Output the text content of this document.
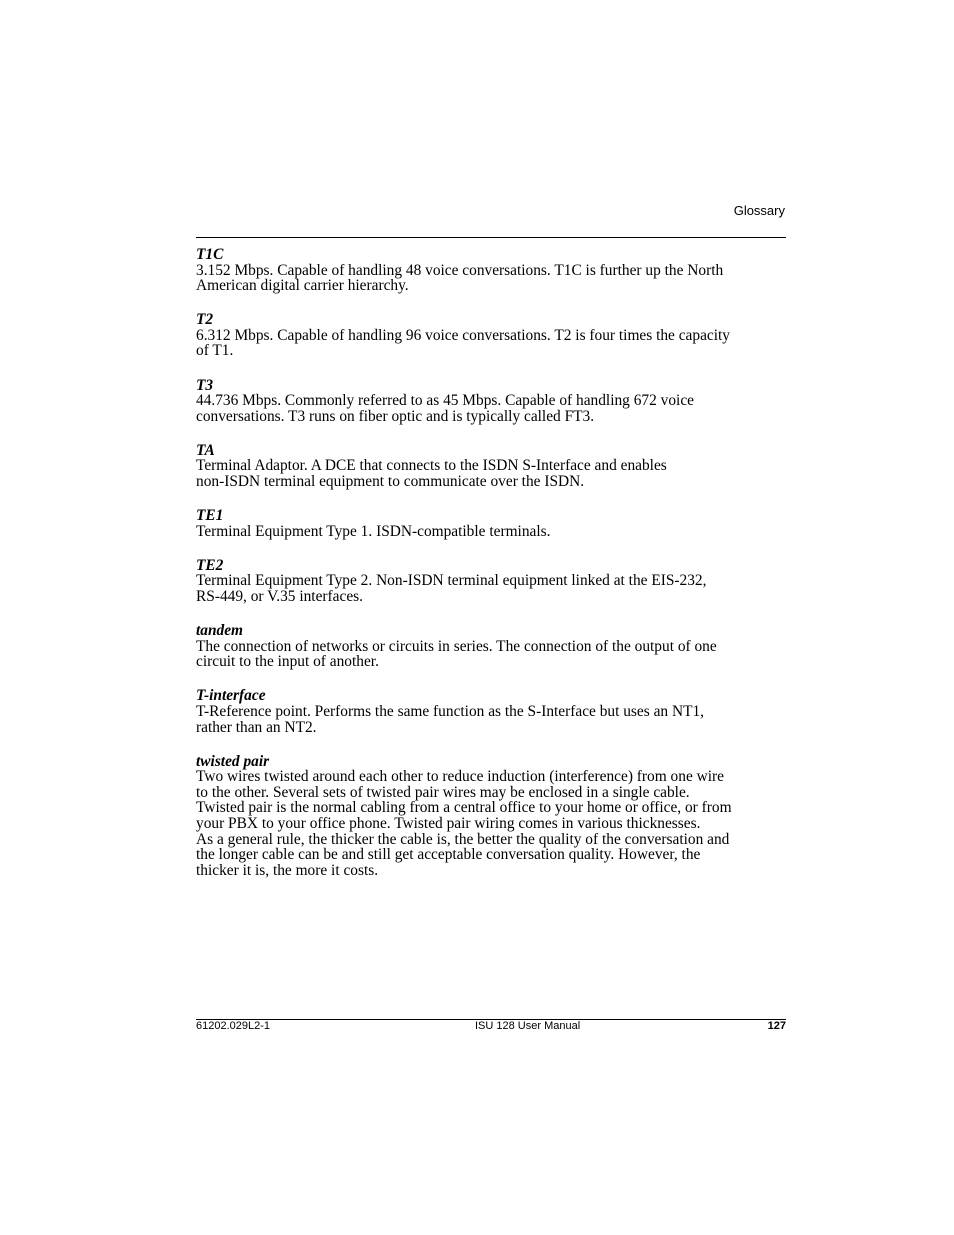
Glossary

T1C

3.152 Mbps. Capable of handling 48 voice conversations. T1C is further up the North
American digital carrier hierarchy.

T2

6.312 Mbps. Capable of handling 96 voice conversations. T2 is four times the capacity
of T1.

T3

44.736 Mbps. Commonly referred to as 45 Mbps. Capable of handling 672 voice
conversations. T3 runs on fiber optic and is typically called FT3.

TA

Terminal Adaptor. A DCE that connects to the ISDN S-Interface and enables
non-ISDN terminal equipment to communicate over the ISDN.

TE1

Terminal Equipment Type 1. ISDN-compatible terminals.

TE2

Terminal Equipment Type 2. Non-ISDN terminal equipment linked at the EIS-232,
RS-449, or V.35 interfaces.

tandem

The connection of networks or circuits in series. The connection of the output of one
circuit to the input of another.

T-interface

T-Reference point. Performs the same function as the S-Interface but uses an NT1,
rather than an NT2.

twisted pair

Two wires twisted around each other to reduce induction (interference) from one wire
to the other. Several sets of twisted pair wires may be enclosed in a single cable.
Twisted pair is the normal cabling from a central office to your home or office, or from
your PBX to your office phone. Twisted pair wiring comes in various thicknesses.
As a general rule, the thicker the cable is, the better the quality of the conversation and
the longer cable can be and still get acceptable conversation quality. However, the
thicker it is, the more it costs.

61202.029L2-1	ISU 128 User Manual	127
